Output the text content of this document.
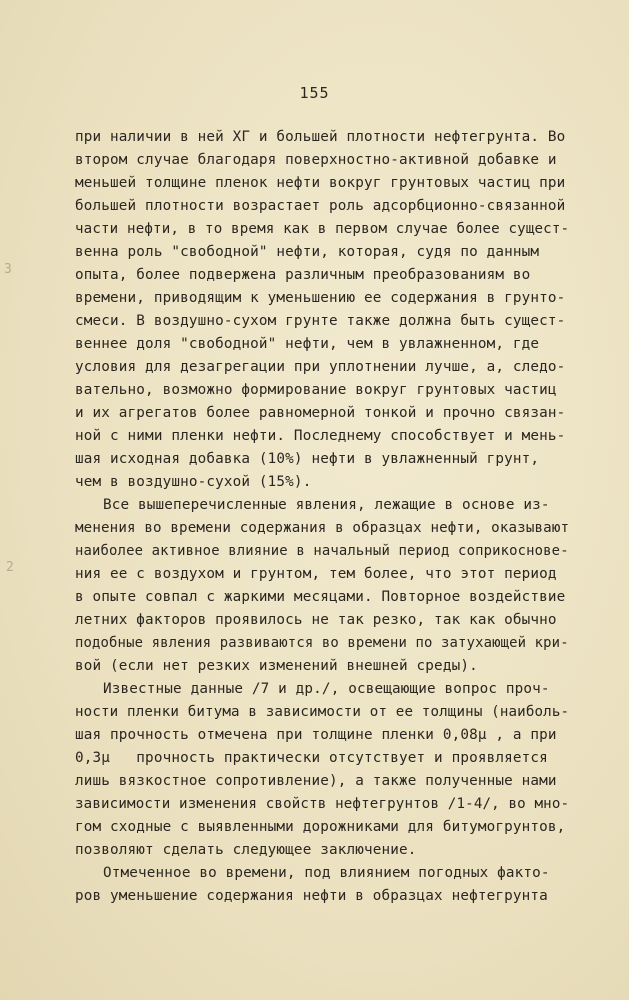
155
при наличии в ней ХГ и большей плотности нефтегрунта. Во
втором случае благодаря поверхностно-активной добавке и
меньшей толщине пленок нефти вокруг грунтовых частиц при
большей плотности возрастает роль адсорбционно-связанной
части нефти, в то время как в первом случае более сущест-
венна роль "свободной" нефти, которая, судя по данным
опыта, более подвержена различным преобразованиям во
времени, приводящим к уменьшению ее содержания в грунто-
смеси. В воздушно-сухом грунте также должна быть сущест-
веннее доля "свободной" нефти, чем в увлажненном, где
условия для дезагрегации при уплотнении лучше, а, следо-
вательно, возможно формирование вокруг грунтовых частиц
и их агрегатов более равномерной тонкой и прочно связан-
ной с ними пленки нефти. Последнему способствует и мень-
шая исходная добавка (10%) нефти в увлажненный грунт,
чем в воздушно-сухой (15%).
Все вышеперечисленные явления, лежащие в основе из-
менения во времени содержания в образцах нефти, оказывают
наиболее активное влияние в начальный период соприкоснове-
ния ее с воздухом и грунтом, тем более, что этот период
в опыте совпал с жаркими месяцами. Повторное воздействие
летних факторов проявилось не так резко, так как обычно
подобные явления развиваются во времени по затухающей кри-
вой (если нет резких изменений внешней среды).
Известные данные /7 и др./, освещающие вопрос проч-
ности пленки битума в зависимости от ее толщины (наиболь-
шая прочность отмечена при толщине пленки 0,08µ , а при
0,3µ   прочность практически отсутствует и проявляется
лишь вязкостное сопротивление), а также полученные нами
зависимости изменения свойств нефтегрунтов /1-4/, во мно-
гом сходные с выявленными дорожниками для битумогрунтов,
позволяют сделать следующее заключение.
Отмеченное во времени, под влиянием погодных факто-
ров уменьшение содержания нефти в образцах нефтегрунта
3
2
